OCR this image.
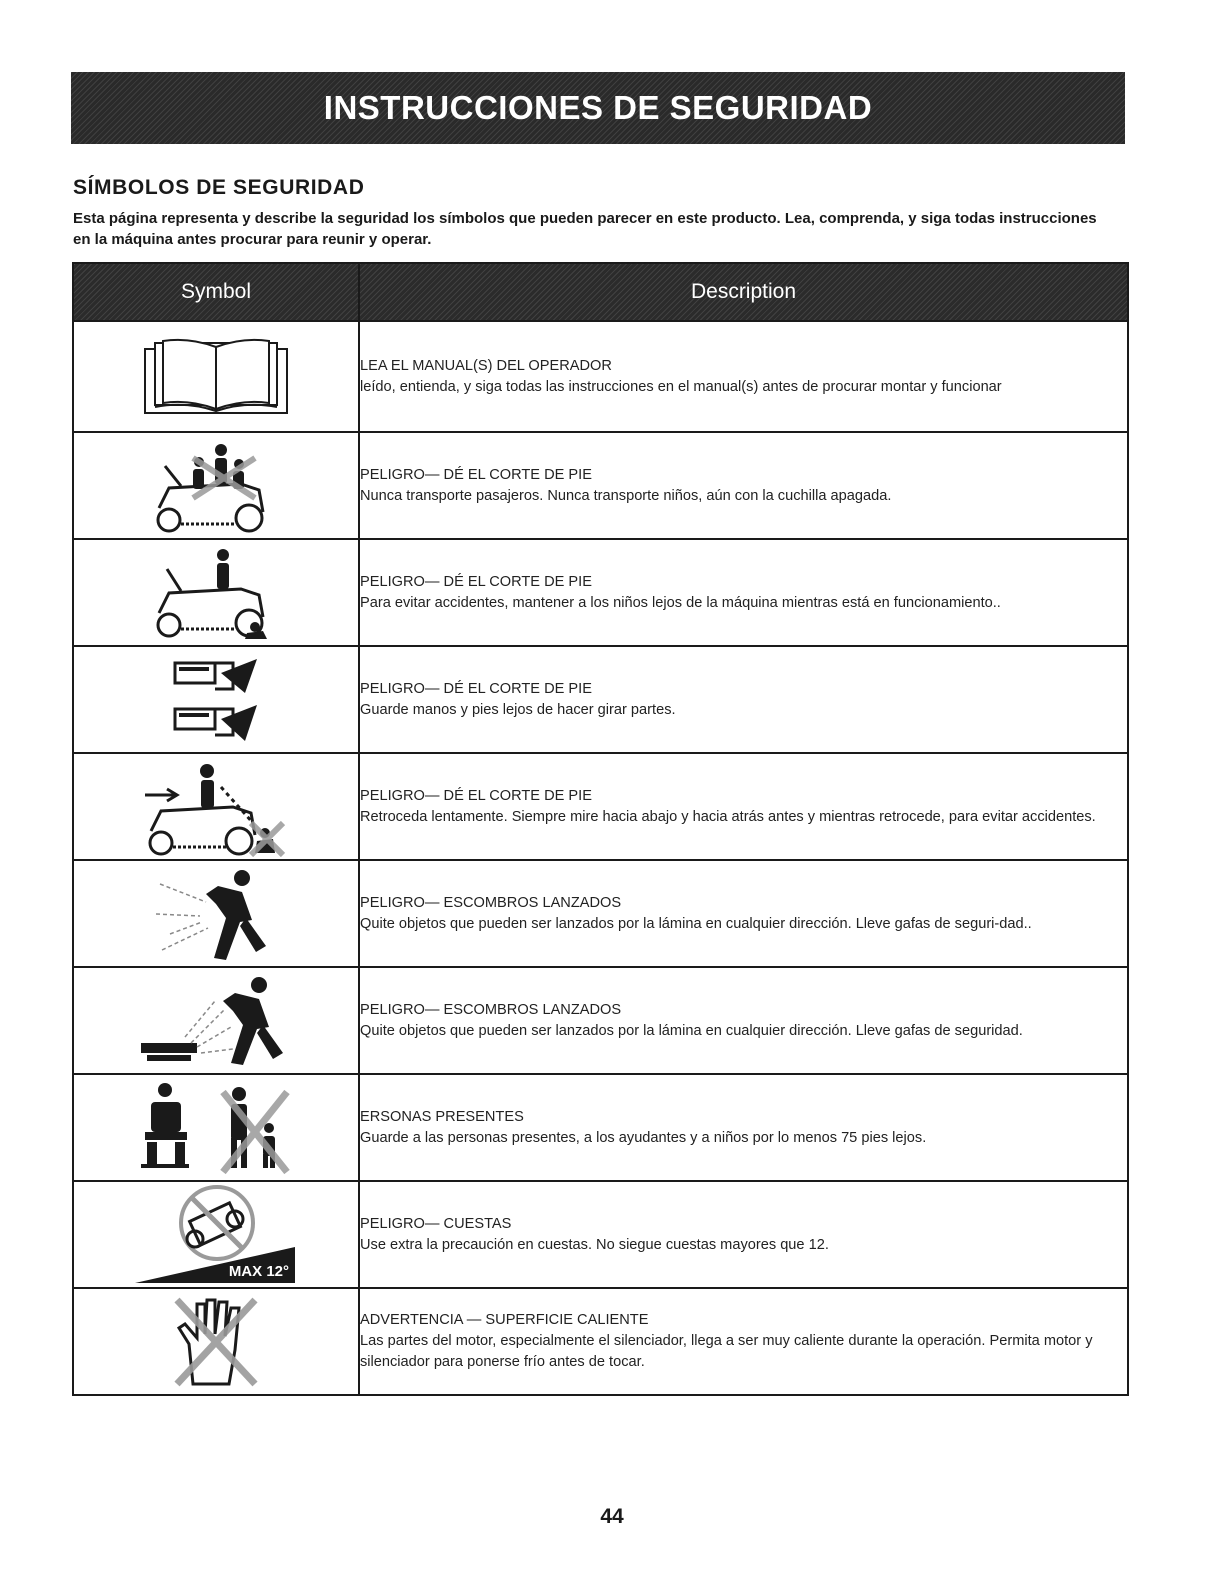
INSTRUCCIONES DE SEGURIDAD
SÍMBOLOS DE SEGURIDAD
Esta página representa y describe la seguridad los símbolos que pueden parecer en este producto. Lea, comprenda, y siga todas instrucciones en la máquina antes procurar para reunir y operar.
Symbol	Description

LEA EL MANUAL(S) DEL OPERADOR
leído, entienda, y siga todas las instrucciones en el manual(s) antes de procurar montar y funcionar

PELIGRO— DÉ EL CORTE DE PIE
Nunca transporte pasajeros. Nunca transporte niños, aún con la cuchilla apagada.

PELIGRO— DÉ EL CORTE DE PIE
Para evitar accidentes, mantener a los niños lejos de la máquina mientras está en funcionamiento..

PELIGRO— DÉ EL CORTE DE PIE
Guarde manos y pies lejos de hacer girar partes.

PELIGRO— DÉ EL CORTE DE PIE
Retroceda lentamente. Siempre mire hacia abajo y hacia atrás antes y mientras retrocede, para evitar accidentes.

PELIGRO— ESCOMBROS LANZADOS
Quite objetos que pueden ser lanzados por la lámina en cualquier dirección. Lleve gafas de seguri-dad..

PELIGRO— ESCOMBROS LANZADOS
Quite objetos que pueden ser lanzados por la lámina en cualquier dirección. Lleve gafas de seguridad.

ERSONAS PRESENTES
Guarde a las personas presentes, a los ayudantes y a niños por lo menos 75 pies lejos.

MAX 12°	PELIGRO— CUESTAS
Use extra la precaución en cuestas. No siegue cuestas mayores que 12.

ADVERTENCIA — SUPERFICIE CALIENTE
Las partes del motor, especialmente el silenciador, llega a ser muy caliente durante la operación. Permita motor y silenciador para ponerse frío antes de tocar.
44
